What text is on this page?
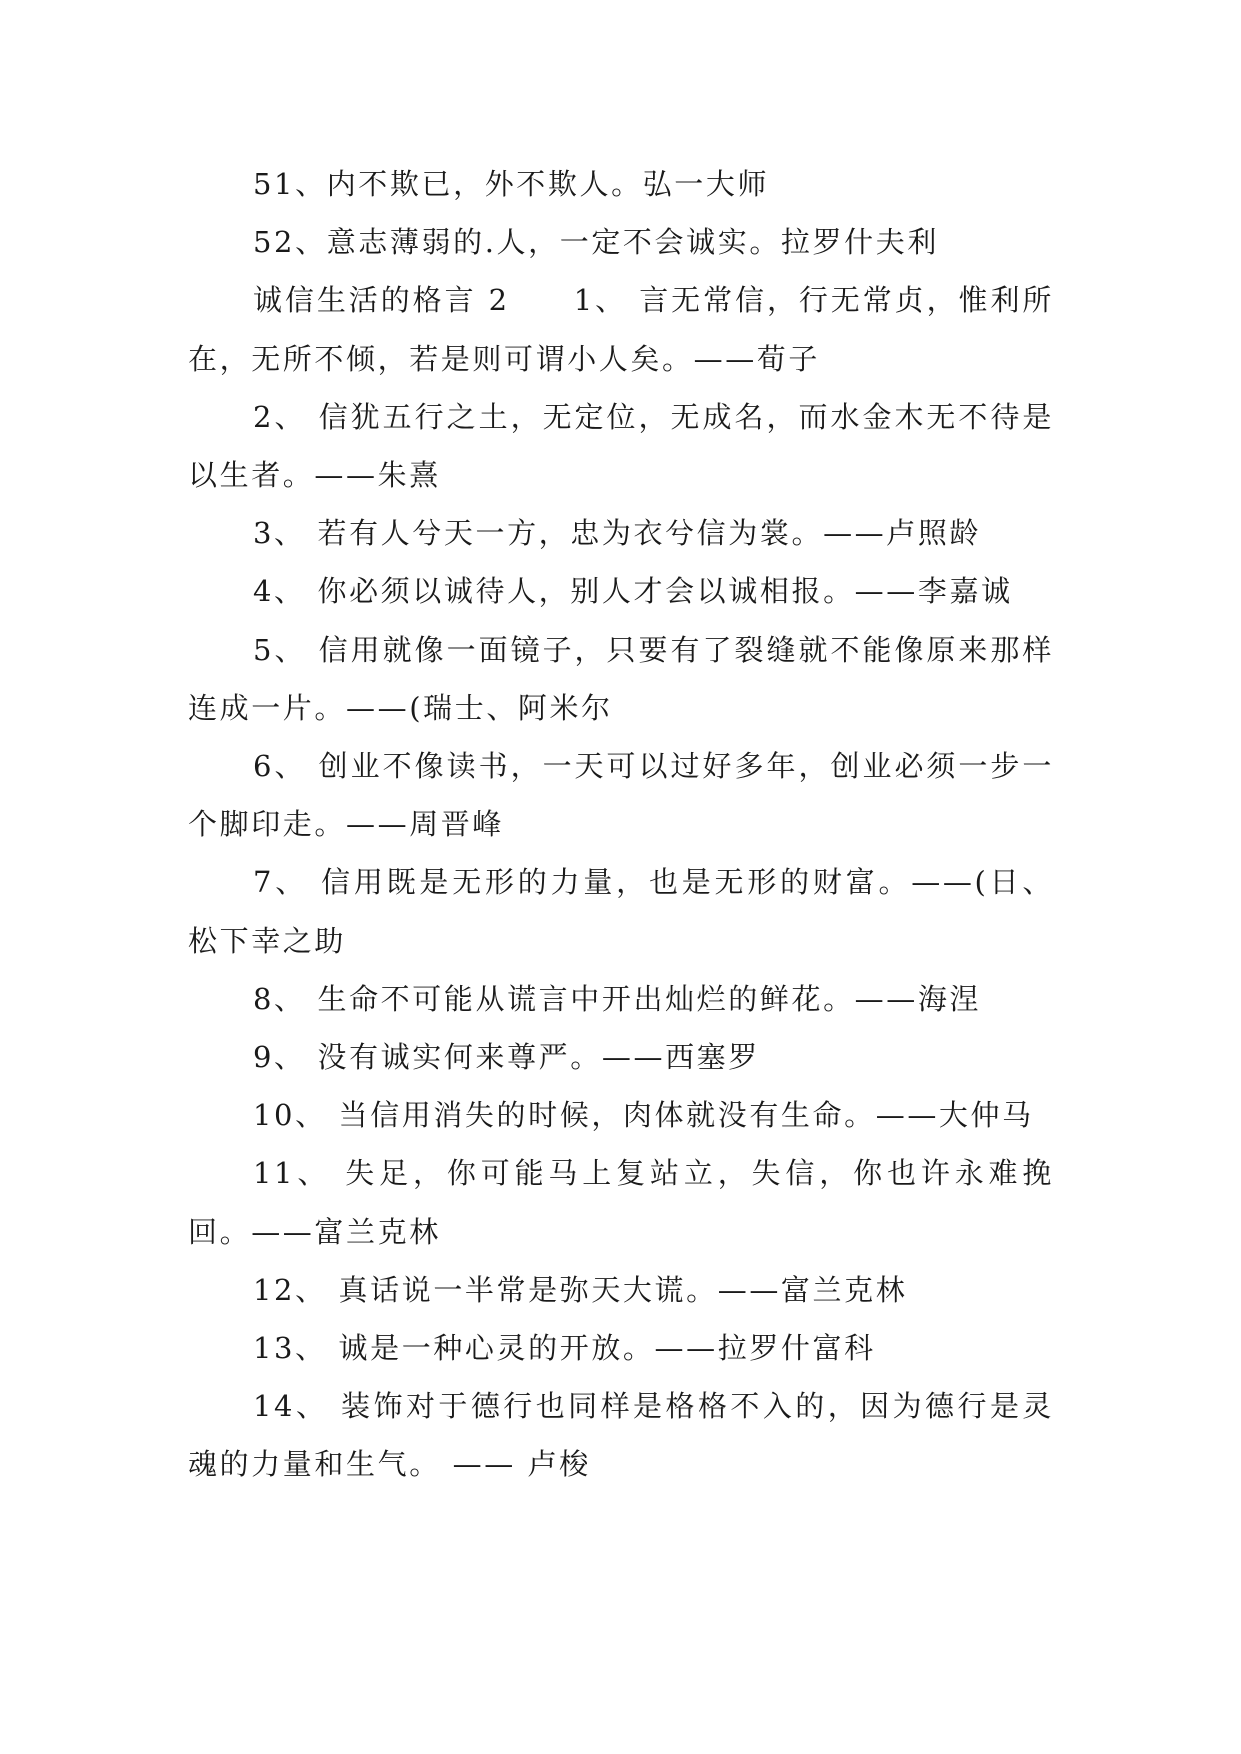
51、内不欺已，外不欺人。弘一大师

52、意志薄弱的.人，一定不会诚实。拉罗什夫利

诚信生活的格言 2 1、 言无常信，行无常贞，惟利所在，无所不倾，若是则可谓小人矣。——荀子

2、 信犹五行之土，无定位，无成名，而水金木无不待是以生者。——朱熹

3、 若有人兮天一方，忠为衣兮信为裳。——卢照龄

4、 你必须以诚待人，别人才会以诚相报。——李嘉诚

5、 信用就像一面镜子，只要有了裂缝就不能像原来那样连成一片。——(瑞士、阿米尔

6、 创业不像读书，一天可以过好多年，创业必须一步一个脚印走。——周晋峰

7、 信用既是无形的力量，也是无形的财富。——(日、松下幸之助

8、 生命不可能从谎言中开出灿烂的鲜花。——海涅

9、 没有诚实何来尊严。——西塞罗

10、 当信用消失的时候，肉体就没有生命。——大仲马

11、 失足，你可能马上复站立，失信，你也许永难挽回。——富兰克林

12、 真话说一半常是弥天大谎。——富兰克林

13、 诚是一种心灵的开放。——拉罗什富科

14、 装饰对于德行也同样是格格不入的，因为德行是灵魂的力量和生气。 —— 卢梭
